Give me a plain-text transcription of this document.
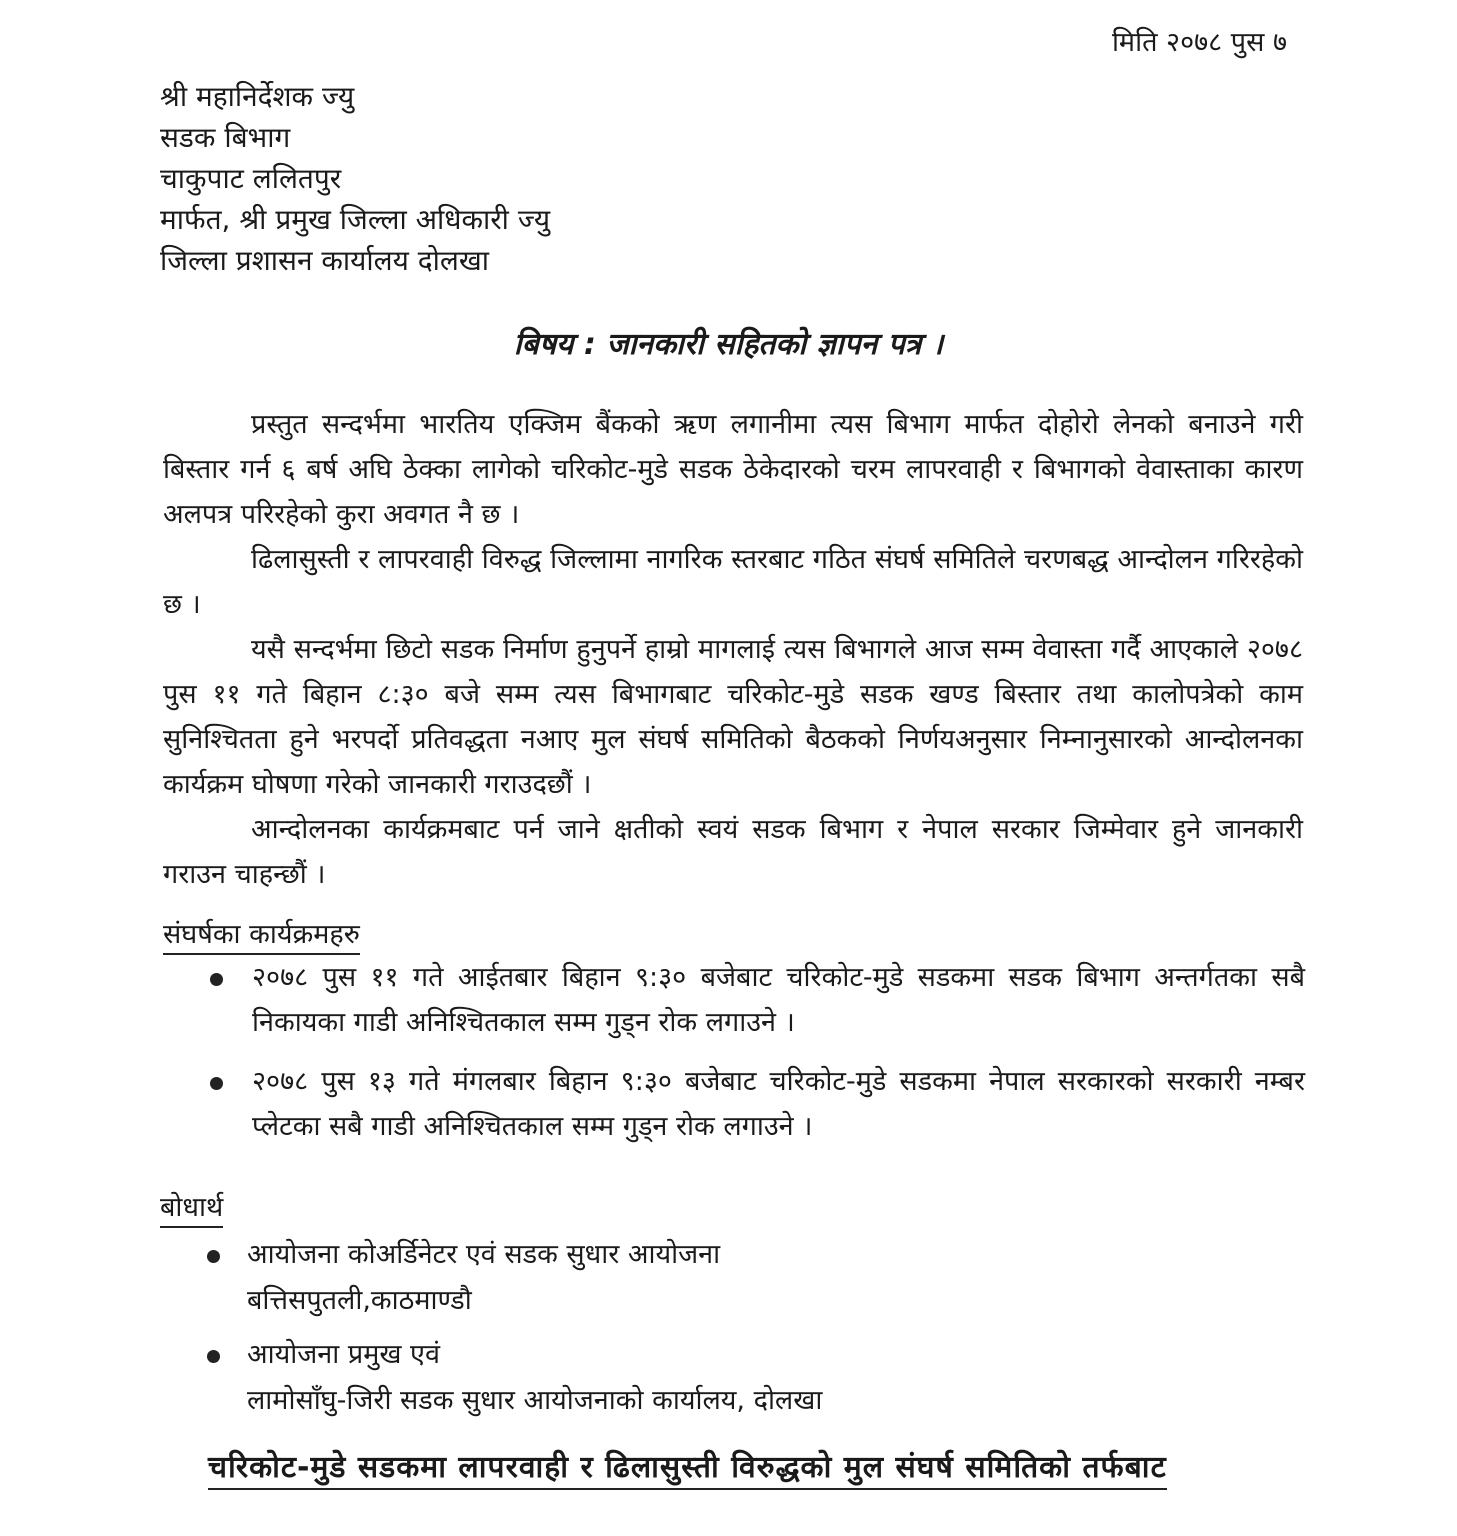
मिति २०७८ पुस ७
श्री महानिर्देशक ज्यु
सडक बिभाग
चाकुपाट ललितपुर
मार्फत, श्री प्रमुख जिल्ला अधिकारी ज्यु
जिल्ला प्रशासन कार्यालय दोलखा
बिषय : जानकारी सहितको ज्ञापन पत्र ।

प्रस्तुत सन्दर्भमा भारतिय एक्जिम बैंकको ऋण लगानीमा त्यस बिभाग मार्फत दोहोरो लेनको बनाउने गरी बिस्तार गर्न ६ बर्ष अघि ठेक्का लागेको चरिकोट-मुडे सडक ठेकेदारको चरम लापरवाही र बिभागको वेवास्ताका कारण अलपत्र परिरहेको कुरा अवगत नै छ ।

ढिलासुस्ती र लापरवाही विरुद्ध जिल्लामा नागरिक स्तरबाट गठित संघर्ष समितिले चरणबद्ध आन्दोलन गरिरहेको छ ।

यसै सन्दर्भमा छिटो सडक निर्माण हुनुपर्ने हाम्रो मागलाई त्यस बिभागले आज सम्म वेवास्ता गर्दै आएकाले २०७८ पुस ११ गते बिहान ८:३० बजे सम्म त्यस बिभागबाट चरिकोट-मुडे सडक खण्ड बिस्तार तथा कालोपत्रेको काम सुनिश्चितता हुने भरपर्दो प्रतिवद्धता नआए मुल संघर्ष समितिको बैठकको निर्णयअनुसार निम्नानुसारको आन्दोलनका कार्यक्रम घोषणा गरेको जानकारी गराउदछौं ।

आन्दोलनका कार्यक्रमबाट पर्न जाने क्षतीको स्वयं सडक बिभाग र नेपाल सरकार जिम्मेवार हुने जानकारी गराउन चाहन्छौं ।

संघर्षका कार्यक्रमहरु
२०७८ पुस ११ गते आईतबार बिहान ९:३० बजेबाट चरिकोट-मुडे सडकमा सडक बिभाग अन्तर्गतका सबै निकायका गाडी अनिश्चितकाल सम्म गुड्न रोक लगाउने ।
२०७८ पुस १३ गते मंगलबार बिहान ९:३० बजेबाट चरिकोट-मुडे सडकमा नेपाल सरकारको सरकारी नम्बर प्लेटका सबै गाडी अनिश्चितकाल सम्म गुड्न रोक लगाउने ।
बोधार्थ
आयोजना कोअर्डिनेटर एवं सडक सुधार आयोजना
बत्तिसपुतली,काठमाण्डौ
आयोजना प्रमुख एवं
लामोसाँघु-जिरी सडक सुधार आयोजनाको कार्यालय, दोलखा
चरिकोट-मुडे सडकमा लापरवाही र ढिलासुस्ती विरुद्धको मुल संघर्ष समितिको तर्फबाट
